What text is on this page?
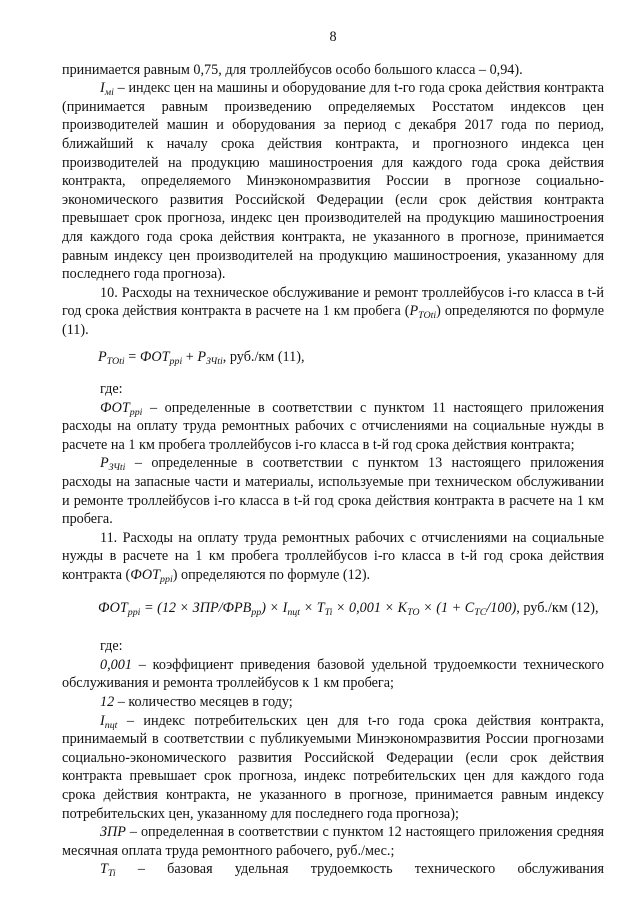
8

принимается равным 0,75, для троллейбусов особо большого класса – 0,94).

$I_{мi}$ – индекс цен на машины и оборудование для t-го года срока действия контракта (принимается равным произведению определяемых Росстатом индексов цен производителей машин и оборудования за период с декабря 2017 года по период, ближайший к началу срока действия контракта, и прогнозного индекса цен производителей на продукцию машиностроения для каждого года срока действия контракта, определяемого Минэкономразвития России в прогнозе социально-экономического развития Российской Федерации (если срок действия контракта превышает срок прогноза, индекс цен производителей на продукцию машиностроения для каждого года срока действия контракта, не указанного в прогнозе, принимается равным индексу цен производителей на продукцию машиностроения, указанному для последнего года прогноза).

10. Расходы на техническое обслуживание и ремонт троллейбусов i-го класса в t-й год срока действия контракта в расчете на 1 км пробега $(P_{TOti})$ определяются по формуле (11).

$P_{TOti} = ФОТ_{ppi} + P_{ЗЧti}$, руб./км (11),

где:

$ФОТ_{ppi}$ – определенные в соответствии с пунктом 11 настоящего приложения расходы на оплату труда ремонтных рабочих с отчислениями на социальные нужды в расчете на 1 км пробега троллейбусов i-го класса в t-й год срока действия контракта;

$P_{ЗЧti}$ – определенные в соответствии с пунктом 13 настоящего приложения расходы на запасные части и материалы, используемые при техническом обслуживании и ремонте троллейбусов i-го класса в t-й год срока действия контракта в расчете на 1 км пробега.

11. Расходы на оплату труда ремонтных рабочих с отчислениями на социальные нужды в расчете на 1 км пробега троллейбусов i-го класса в t-й год срока действия контракта $(ФОТ_{ppi})$ определяются по формуле (12).

$ФОТ_{ppi} = (12 \times ЗПР/ФРВ_{pp}) \times I_{пцt} \times T_{Ti} \times 0,001 \times K_{TO} \times (1 + C_{TC}/100)$, руб./км (12),

где:

0,001 – коэффициент приведения базовой удельной трудоемкости технического обслуживания и ремонта троллейбусов к 1 км пробега;

12 – количество месяцев в году;

$I_{пцt}$ – индекс потребительских цен для t-го года срока действия контракта, принимаемый в соответствии с публикуемыми Минэкономразвития России прогнозами социально-экономического развития Российской Федерации (если срок действия контракта превышает срок прогноза, индекс потребительских цен для каждого года срока действия контракта, не указанного в прогнозе, принимается равным индексу потребительских цен, указанному для последнего года прогноза);

ЗПР – определенная в соответствии с пунктом 12 настоящего приложения средняя месячная оплата труда ремонтного рабочего, руб./мес.;

$T_{Ti}$ – базовая удельная трудоемкость технического обслуживания
